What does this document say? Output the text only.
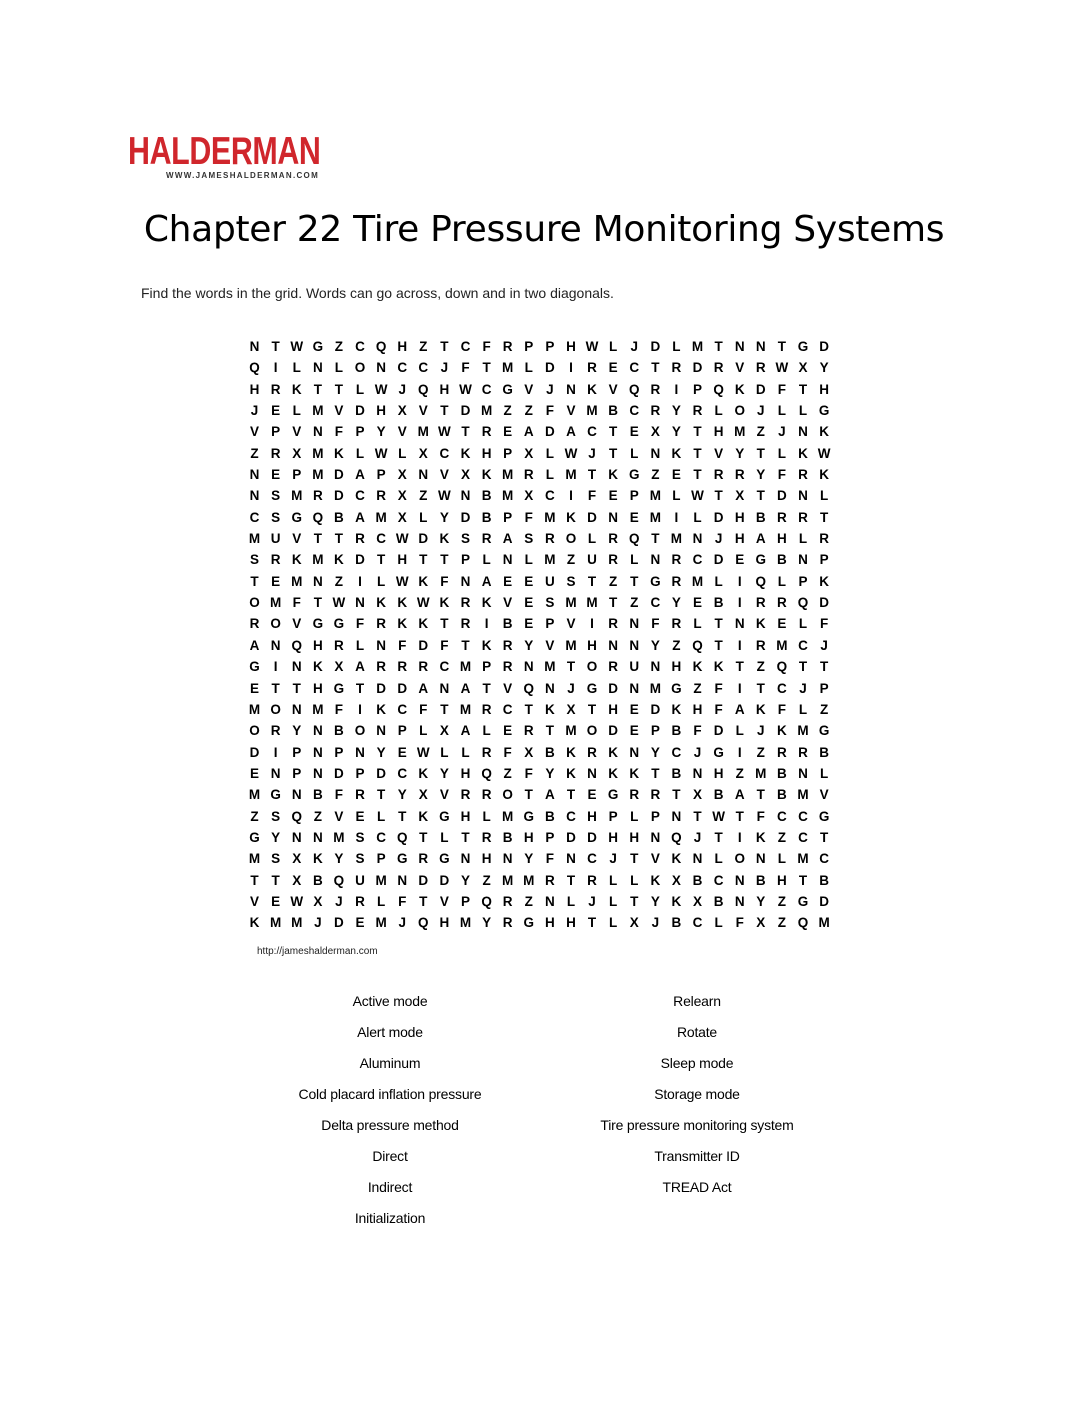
HALDERMAN
WWW.JAMESHALDERMAN.COM
Chapter 22 Tire Pressure Monitoring Systems
Find the words in the grid. Words can go across, down and in two diagonals.
N T W G Z C Q H Z T C F R P P H W L J D L M T N N T G D
Q	I	L N L O N C C J F T M L D	I	R E C T R D R V R W X Y
H R K T T L W J Q H W C G V J N K V Q R	I	P Q K D F T H
J E L M V D H X V T D M Z Z F V M B C R Y R L O J L L G
V P V N F P Y V M W T R E A D A C T E X Y T H M Z J N K
Z R X M K L W L X C K H P X L W J T L N K T V Y T L K W
N E P M D A P X N V X K M R L M T K G Z E T R R Y F R K
N S M R D C R X Z W N B M X C	I	F E P M L W T X T D N L
C S G Q B A M X L Y D B P F M K D N E M	I	L D H B R R T
M U V T T R C W D K S R A S R O L R Q T M N J H A H L R
S R K M K D T H T T P L N L M Z U R L N R C D E G B N P
T E M N Z	I	L W K F N A E E U S T Z T G R M L	I	Q L P K
O M F T W N K K W K R K V E S M M T Z C Y E B	I	R R Q D
R O V G G F R K K T R	I	B E P V	I	R N F R L T N K E L F
A N Q H R L N F D F T K R Y V M H N N Y Z Q T	I	R M C J
G	I	N K X A R R R C M P R N M T O R U N H K K T Z Q T T
E T T H G T D D A N A T V Q N J G D N M G Z F	I	T C J P
M O N M F	I	K C F T M R C T K X T H E D K H F A K F L Z
O R Y N B O N P L X A L E R T M O D E P B F D L J K M G
D	I	P N P N Y E W L L R F X B K R K N Y C J G	I	Z R R B
E N P N D P D C K Y H Q Z F Y K N K K T B N H Z M B N L
M G N B F R T Y X V R R O T A T E G R R T X B A T B M V
Z S Q Z V E L T K G H L M G B C H P L P N T W T F C C G
G Y N N M S C Q T L T R B H P D D H H N Q J T	I	K Z C T
M S X K Y S P G R G N H N Y F N C J T V K N L O N L M C
T T X B Q U M N D D Y Z M M R T R L L K X B C N B H T B
V E W X J R L F T V P Q R Z N L J L T Y K X B N Y Z G D
K M M J D E M J Q H M Y R G H H T L X J B C L F X Z Q M
http://jameshalderman.com
Active mode
Alert mode
Aluminum
Cold placard inflation pressure
Delta pressure method
Direct
Indirect
Initialization
Relearn
Rotate
Sleep mode
Storage mode
Tire pressure monitoring system
Transmitter ID
TREAD Act
